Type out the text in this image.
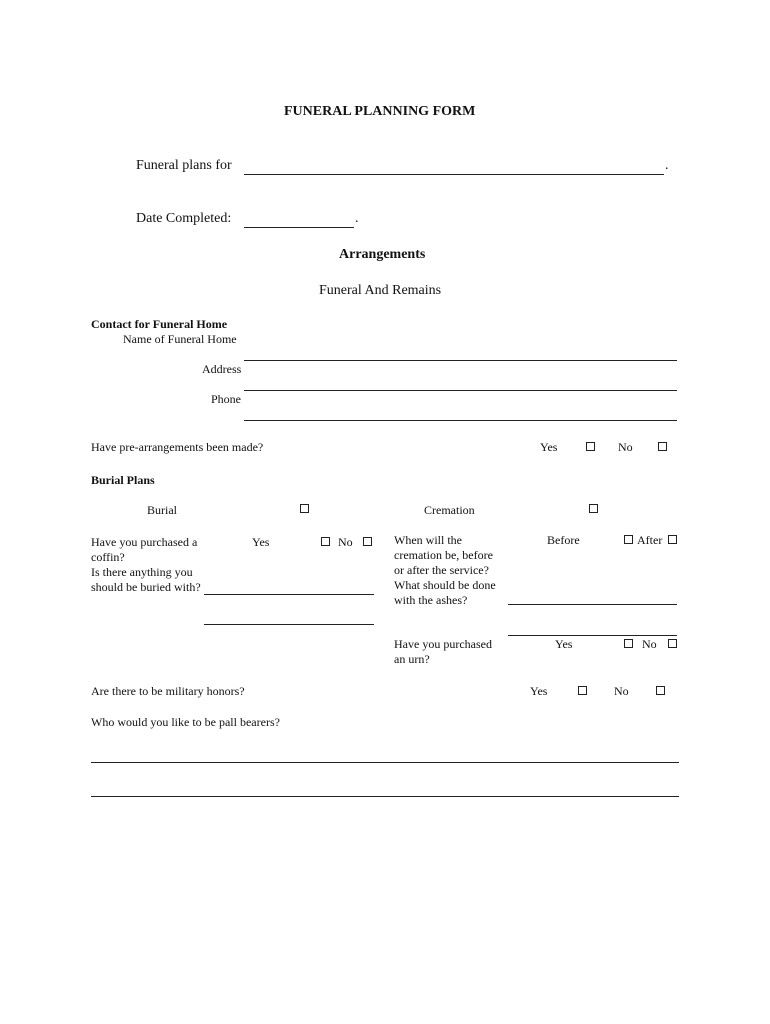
FUNERAL PLANNING FORM
Funeral plans for	.
Date Completed:	.
Arrangements
Funeral And Remains
Contact for Funeral Home
Name of Funeral Home
Address
Phone
Have pre-arrangements been made?	Yes	No
Burial Plans
Burial	Cremation
Have you purchased a coffin?
Yes	No
Is there anything you should be buried with?
When will the cremation be, before or after the service?
Before	After
What should be done with the ashes?
Have you purchased an urn?
Yes	No
Are there to be military honors?	Yes	No
Who would you like to be pall bearers?
